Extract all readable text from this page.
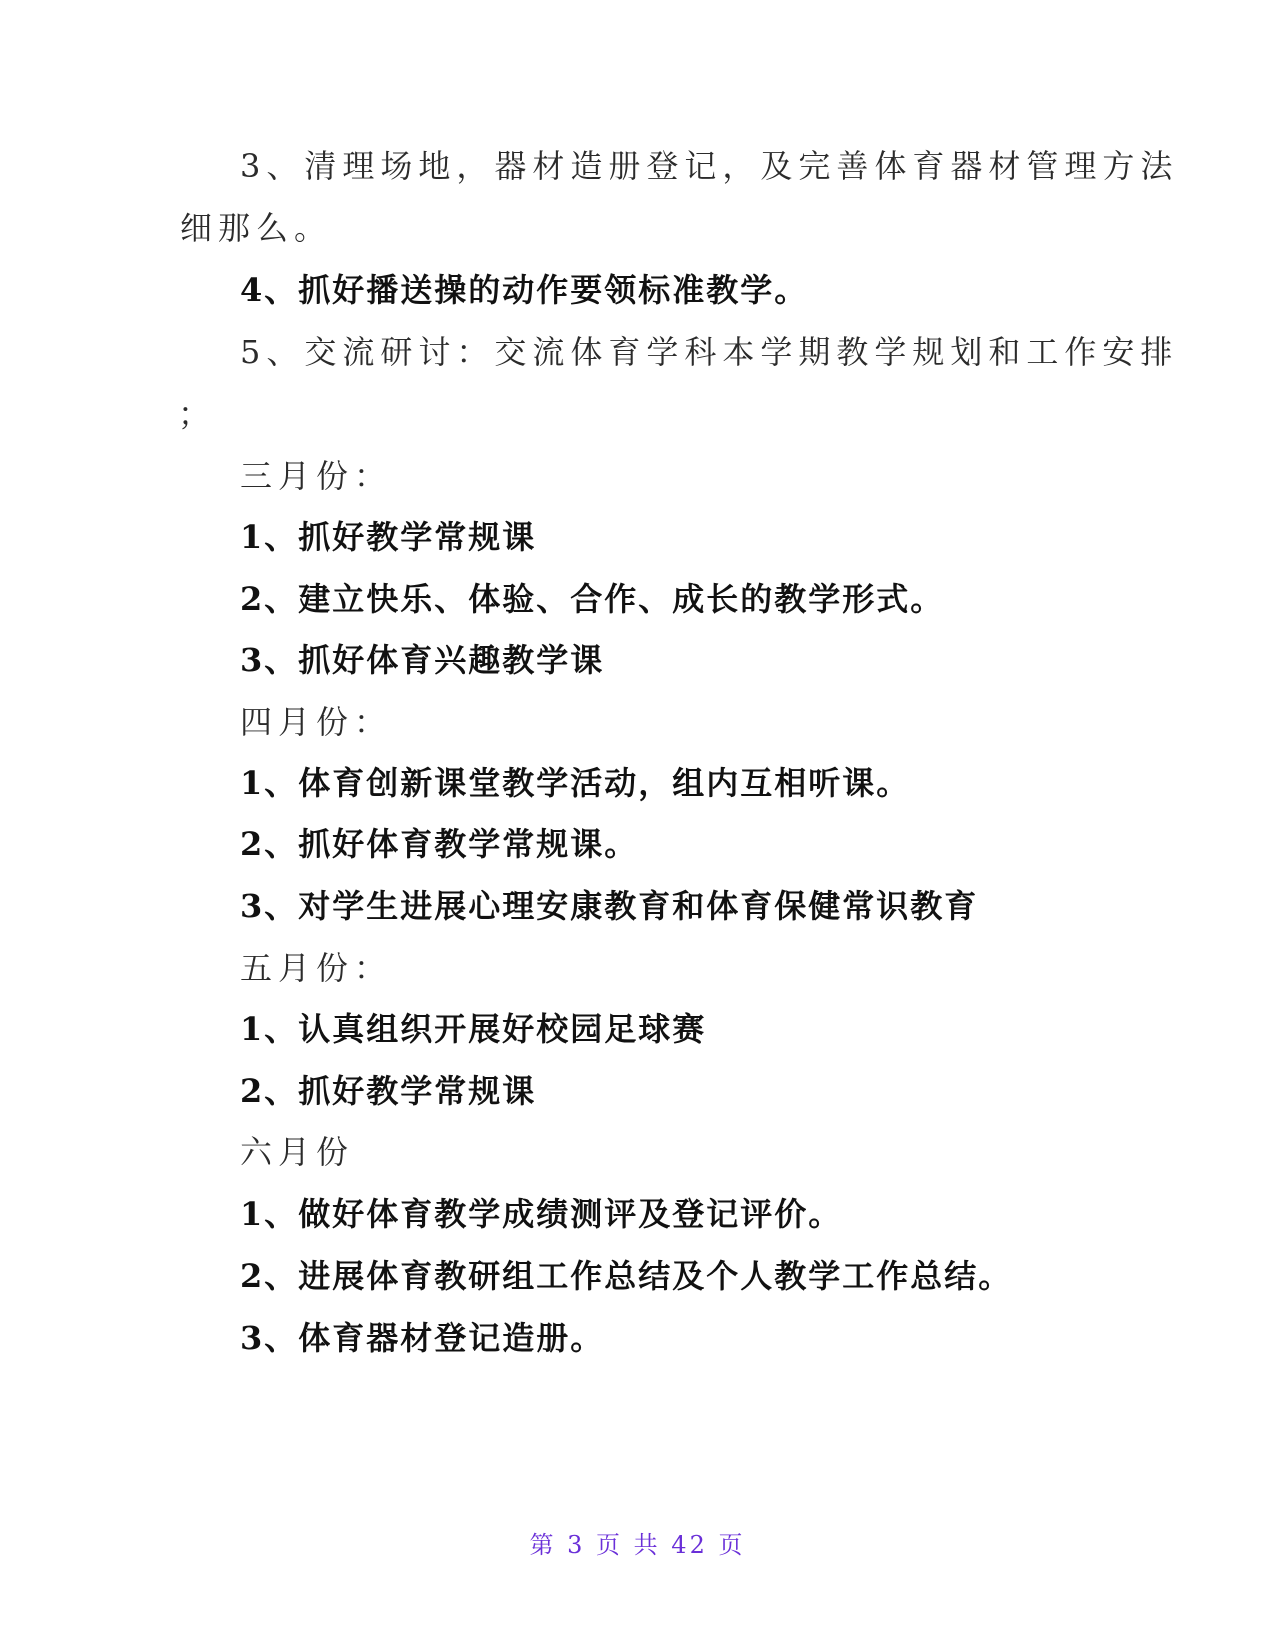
3、清理场地，器材造册登记，及完善体育器材管理方法
细那么。
4、抓好播送操的动作要领标准教学。
5、交流研讨：交流体育学科本学期教学规划和工作安排
；
三月份：
1、抓好教学常规课
2、建立快乐、体验、合作、成长的教学形式。
3、抓好体育兴趣教学课
四月份：
1、体育创新课堂教学活动，组内互相听课。
2、抓好体育教学常规课。
3、对学生进展心理安康教育和体育保健常识教育
五月份：
1、认真组织开展好校园足球赛
2、抓好教学常规课
六月份
1、做好体育教学成绩测评及登记评价。
2、进展体育教研组工作总结及个人教学工作总结。
3、体育器材登记造册。
第 3 页 共 42 页
